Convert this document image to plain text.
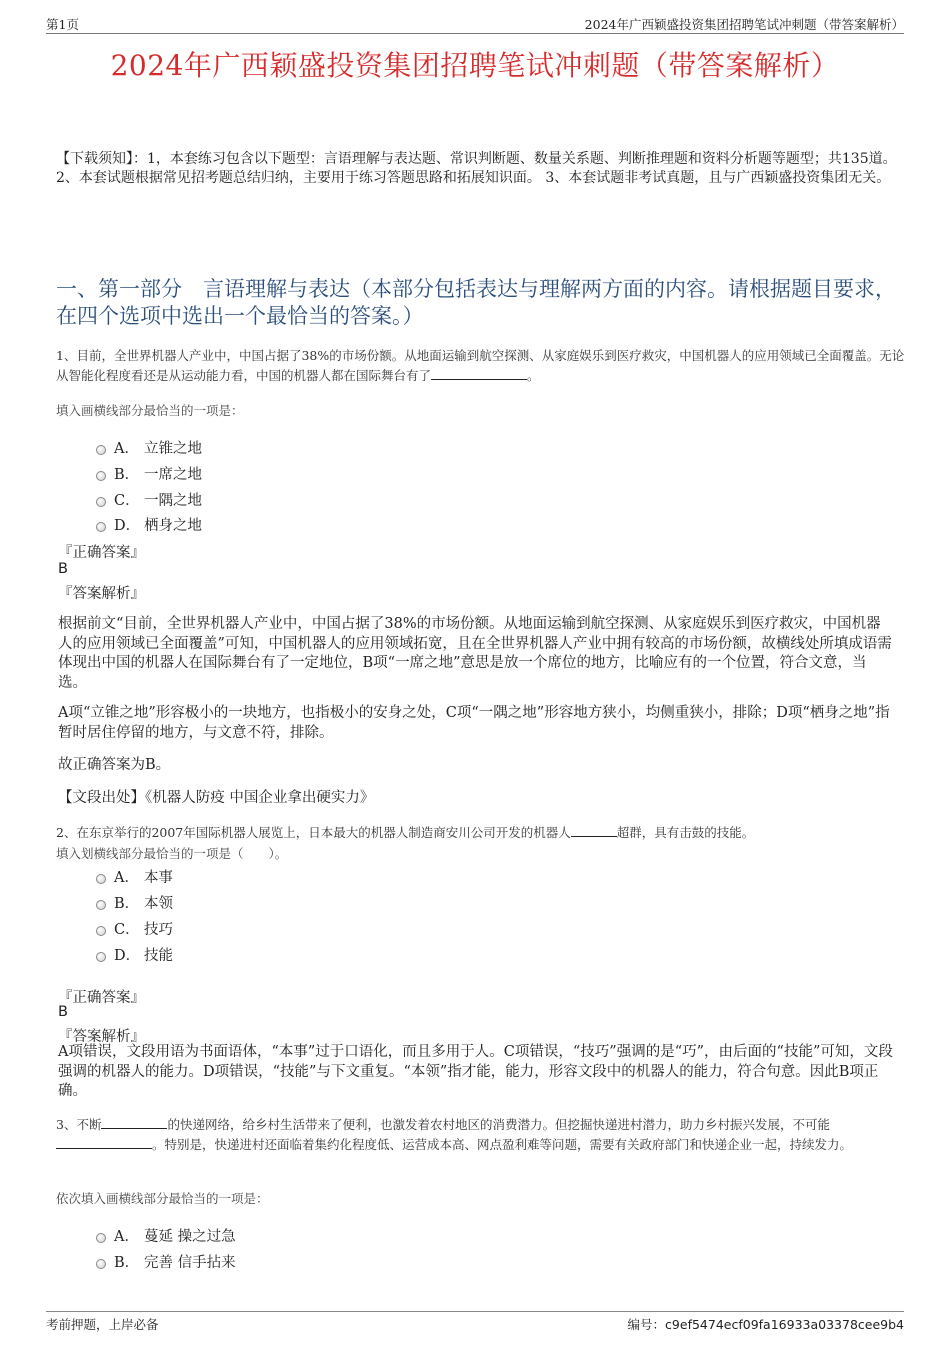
第1页	2024年广西颖盛投资集团招聘笔试冲刺题（带答案解析）
2024年广西颖盛投资集团招聘笔试冲刺题（带答案解析）
【下载须知】：1，本套练习包含以下题型：言语理解与表达题、常识判断题、数量关系题、判断推理题和资料分析题等题型；共135道。 2、本套试题根据常见招考题总结归纳，主要用于练习答题思路和拓展知识面。 3、本套试题非考试真题，且与广西颖盛投资集团无关。
一、第一部分　言语理解与表达（本部分包括表达与理解两方面的内容。请根据题目要求，在四个选项中选出一个最恰当的答案。）
1、目前，全世界机器人产业中，中国占据了38%的市场份额。从地面运输到航空探测、从家庭娱乐到医疗救灾，中国机器人的应用领域已全面覆盖。无论从智能化程度看还是从运动能力看，中国的机器人都在国际舞台有了	。
填入画横线部分最恰当的一项是：
A． 立锥之地
B． 一席之地
C． 一隅之地
D． 栖身之地
『正确答案』
B
『答案解析』
根据前文“目前，全世界机器人产业中，中国占据了38%的市场份额。从地面运输到航空探测、从家庭娱乐到医疗救灾，中国机器人的应用领域已全面覆盖”可知，中国机器人的应用领域拓宽，且在全世界机器人产业中拥有较高的市场份额，故横线处所填成语需体现出中国的机器人在国际舞台有了一定地位，B项“一席之地”意思是放一个席位的地方，比喻应有的一个位置，符合文意，当选。
A项“立锥之地”形容极小的一块地方，也指极小的安身之处，C项“一隅之地”形容地方狭小，均侧重狭小，排除；D项“栖身之地”指暂时居住停留的地方，与文意不符，排除。
故正确答案为B。
【文段出处】《机器人防疫 中国企业拿出硬实力》
2、在东京举行的2007年国际机器人展览上，日本最大的机器人制造商安川公司开发的机器人	超群，具有击鼓的技能。
填入划横线部分最恰当的一项是（　　）。
A． 本事
B． 本领
C． 技巧
D． 技能
『正确答案』
B
『答案解析』
A项错误，文段用语为书面语体，“本事”过于口语化，而且多用于人。C项错误，“技巧”强调的是“巧”，由后面的“技能”可知，文段强调的机器人的能力。D项错误，“技能”与下文重复。“本领”指才能，能力，形容文段中的机器人的能力，符合句意。因此B项正确。
3、不断	的快递网络，给乡村生活带来了便利，也激发着农村地区的消费潜力。但挖掘快递进村潜力，助力乡村振兴发展，不可能。特别是，快递进村还面临着集约化程度低、运营成本高、网点盈利难等问题，需要有关政府部门和快递企业一起，持续发力。
依次填入画横线部分最恰当的一项是：
A． 蔓延 操之过急
B． 完善 信手拈来
考前押题，上岸必备	编号：c9ef5474ecf09fa16933a03378cee9b4
